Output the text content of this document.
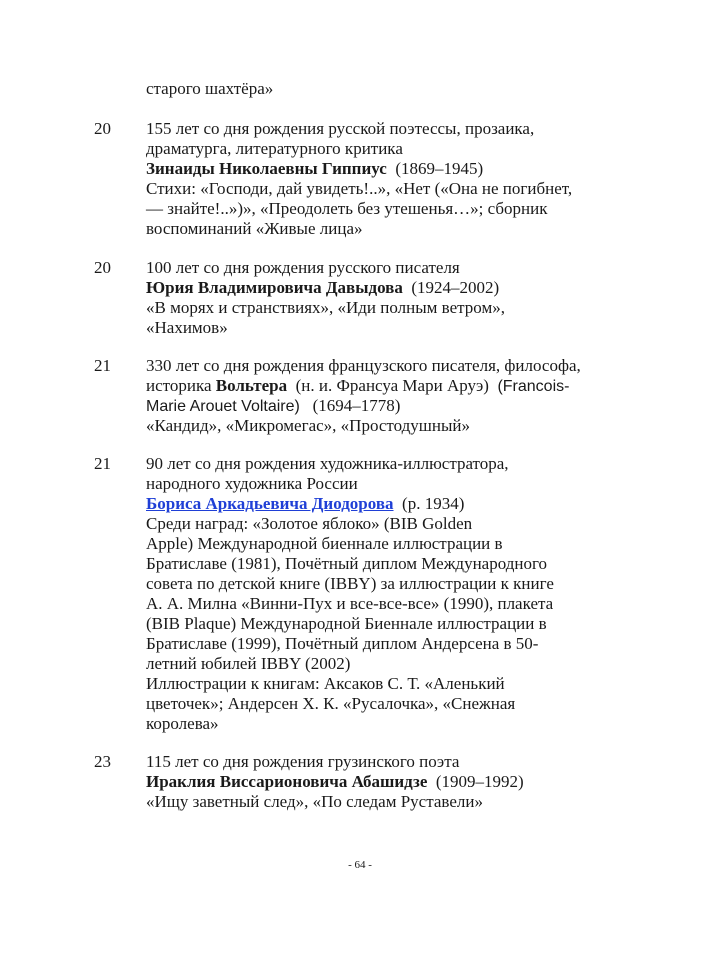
старого шахтёра»
20 155 лет со дня рождения русской поэтессы, прозаика,
драматурга, литературного критика
Зинаиды Николаевны Гиппиус (1869–1945)
Стихи: «Господи, дай увидеть!..», «Нет («Она не погибнет,
— знайте!..»)», «Преодолеть без утешенья…»; сборник
воспоминаний «Живые лица»
20 100 лет со дня рождения русского писателя
Юрия Владимировича Давыдова (1924–2002)
«В морях и странствиях», «Иди полным ветром»,
«Нахимов»
21 330 лет со дня рождения французского писателя, философа,
историка Вольтера (н. и. Франсуа Мари Аруэ) (Francois-
Marie Arouet Voltaire) (1694–1778)
«Кандид», «Микромегас», «Простодушный»
21 90 лет со дня рождения художника-иллюстратора,
народного художника России
Бориса Аркадьевича Диодорова (р. 1934)
Среди наград: «Золотое яблоко» (BIB Golden
Apple) Международной биеннале иллюстрации в
Братиславе (1981), Почётный диплом Международного
совета по детской книге (IBBY) за иллюстрации к книге
А. А. Милна «Винни-Пух и все-все-все» (1990), плакета
(BIB Plaque) Международной Биеннале иллюстрации в
Братиславе (1999), Почётный диплом Андерсена в 50-
летний юбилей IBBY (2002)
Иллюстрации к книгам: Аксаков С. Т. «Аленький
цветочек»; Андерсен Х. К. «Русалочка», «Снежная
королева»
23 115 лет со дня рождения грузинского поэта
Ираклия Виссарионовича Абашидзе (1909–1992)
«Ищу заветный след», «По следам Руставели»
- 64 -
